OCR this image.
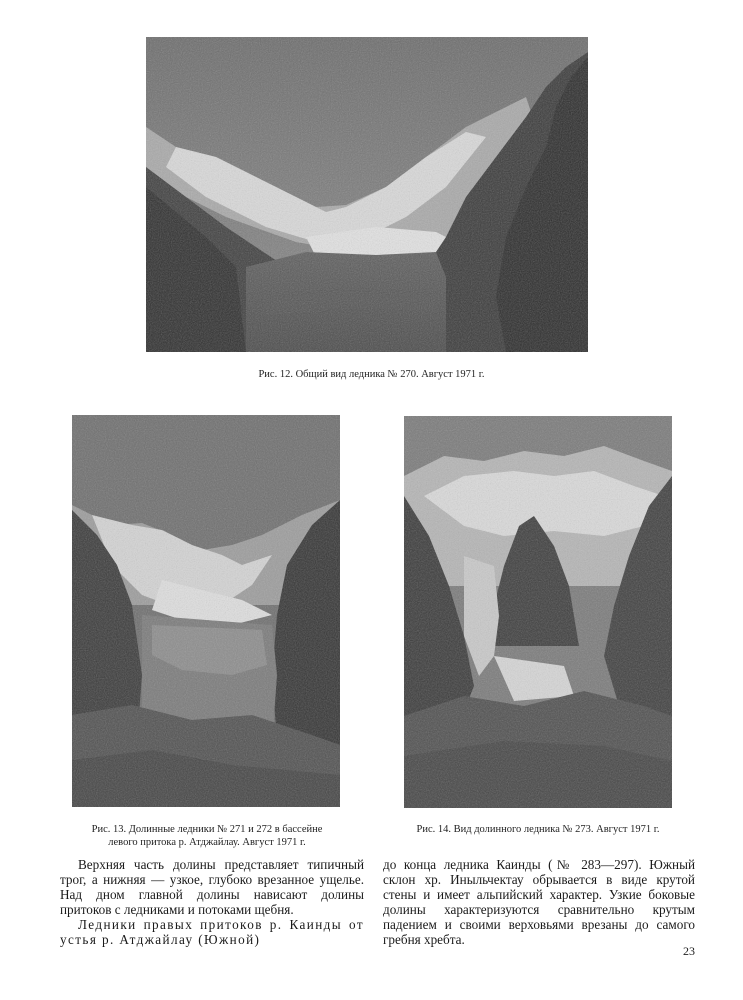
Рис. 12. Общий вид ледника № 270. Август 1971 г.
Рис. 13. Долинные ледники № 271 и 272 в бассейне
левого притока р. Атджайлау. Август 1971 г.
Рис. 14. Вид долинного ледника № 273. Август 1971 г.

Верхняя часть долины представляет типичный трог, а нижняя — узкое, глубоко врезанное ущелье. Над дном главной долины нависают долины притоков с ледниками и потоками щебня.

Ледники правых притоков р. Каинды от устья р. Атджайлау (Южной)

до конца ледника Каинды (№ 283—297). Южный склон хр. Иныльчектау обрывается в виде крутой стены и имеет альпийский характер. Узкие боковые долины характеризуются сравнительно крутым падением и своими верховьями врезаны до самого гребня хребта.

23
